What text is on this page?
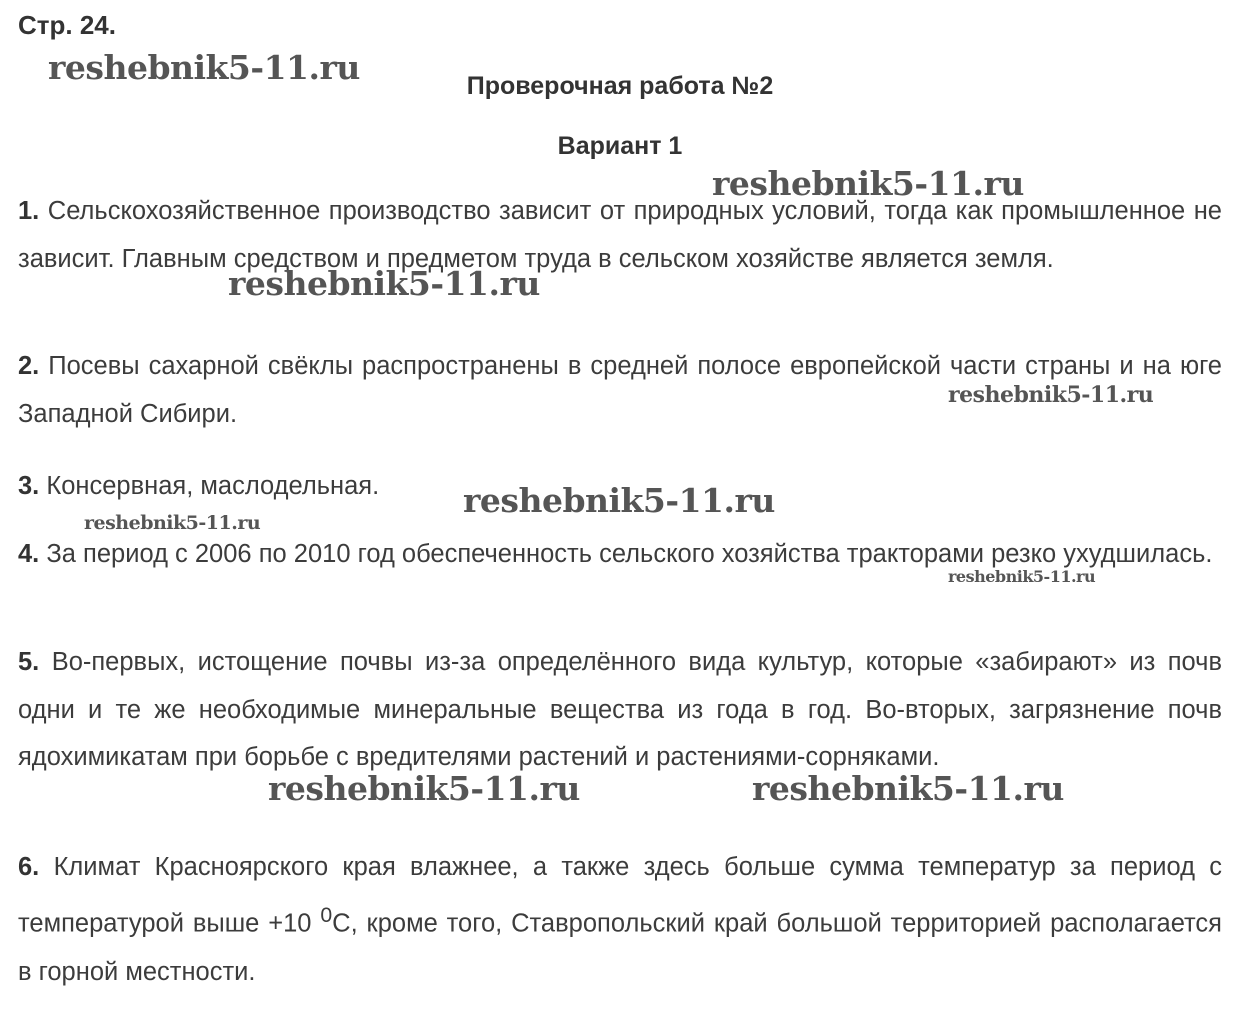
Стр. 24.
Проверочная работа №2
Вариант 1

1. Сельскохозяйственное производство зависит от природных условий, тогда как промышленное не зависит. Главным средством и предметом труда в сельском хозяйстве является земля.

2. Посевы сахарной свёклы распространены в средней полосе европейской части страны и на юге Западной Сибири.

3. Консервная, маслодельная.

4. За период с 2006 по 2010 год обеспеченность сельского хозяйства тракторами резко ухудшилась.

5. Во-первых, истощение почвы из-за определённого вида культур, которые «забирают» из почв одни и те же необходимые минеральные вещества из года в год. Во-вторых, загрязнение почв ядохимикатам при борьбе с вредителями растений и растениями-сорняками.

6. Климат Красноярского края влажнее, а также здесь больше сумма температур за период с температурой выше +10 $^0$С, кроме того, Ставропольский край большой территорией располагается в горной местности.

reshebnik5-11.ru
reshebnik5-11.ru
reshebnik5-11.ru
reshebnik5-11.ru
reshebnik5-11.ru
reshebnik5-11.ru
reshebnik5-11.ru
reshebnik5-11.ru	reshebnik5-11.ru
